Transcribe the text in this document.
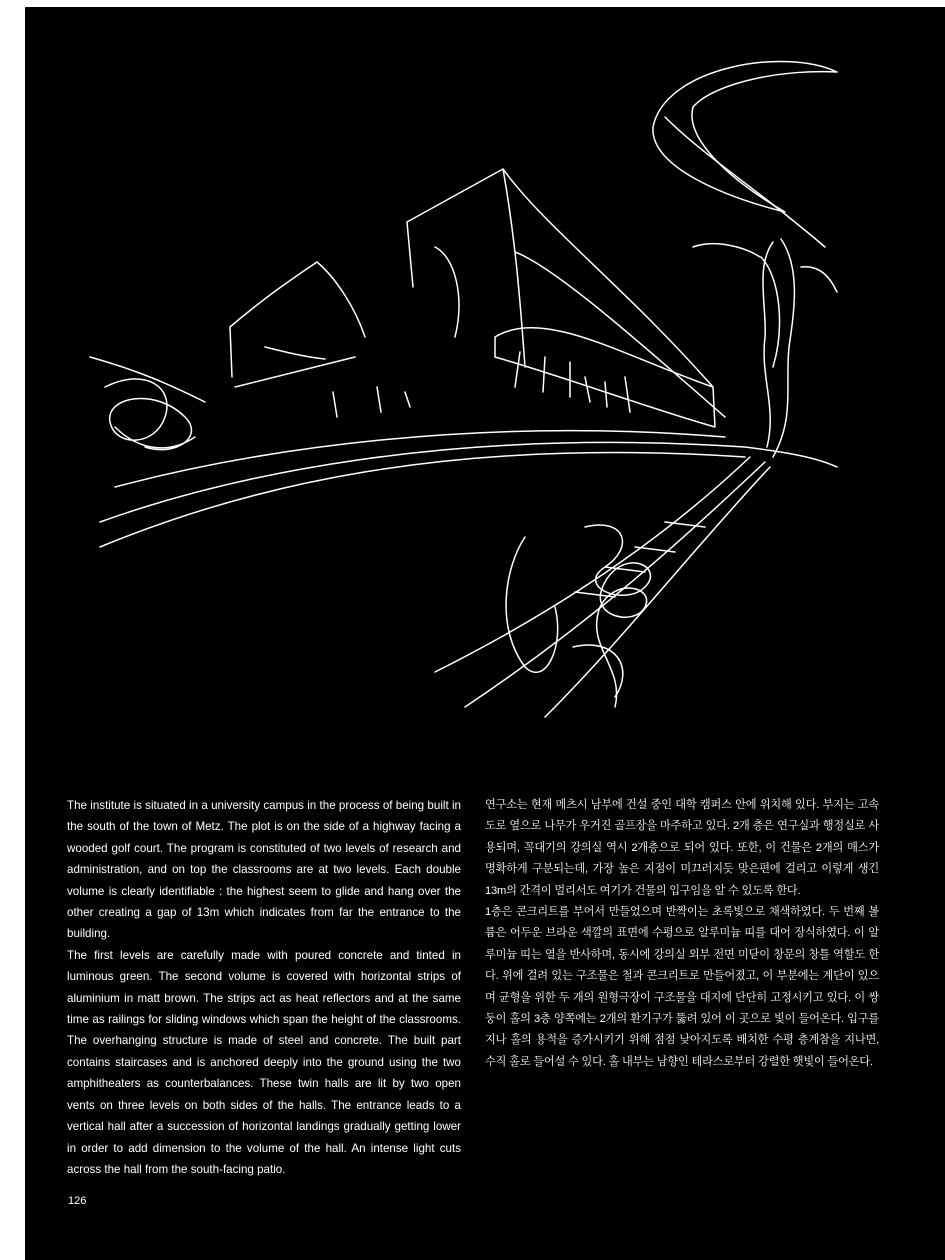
The institute is situated in a university campus in the process of being built in the south of the town of Metz. The plot is on the side of a highway facing a wooded golf court. The program is constituted of two levels of research and administration, and on top the classrooms are at two levels. Each double volume is clearly identifiable : the highest seem to glide and hang over the other creating a gap of 13m which indicates from far the entrance to the building.

The first levels are carefully made with poured concrete and tinted in luminous green. The second volume is covered with horizontal strips of aluminium in matt brown. The strips act as heat reflectors and at the same time as railings for sliding windows which span the height of the classrooms. The overhanging structure is made of steel and concrete. The built part contains staircases and is anchored deeply into the ground using the two amphitheaters as counterbalances. These twin halls are lit by two open vents on three levels on both sides of the halls. The entrance leads to a vertical hall after a succession of horizontal landings gradually getting lower in order to add dimension to the volume of the hall. An intense light cuts across the hall from the south-facing patio.

연구소는 현재 메츠시 남부에 건설 중인 대학 캠퍼스 안에 위치해 있다. 부지는 고속도로 옆으로 나무가 우거진 골프장을 마주하고 있다. 2개 층은 연구실과 행정실로 사용되며, 꼭대기의 강의실 역시 2개층으로 되어 있다. 또한, 이 건물은 2개의 매스가 명확하게 구분되는데, 가장 높은 지점이 미끄러지듯 맞은편에 걸리고 이렇게 생긴 13m의 간격이 멀리서도 여기가 건물의 입구임을 알 수 있도록 한다.

1층은 콘크리트를 부어서 만들었으며 반짝이는 초록빛으로 채색하였다. 두 번째 볼륨은 어두운 브라운 색깔의 표면에 수평으로 알루미늄 띠를 대어 장식하였다. 이 알루미늄 띠는 열을 반사하며, 동시에 강의실 외부 전면 미닫이 창문의 창틀 역할도 한다. 위에 걸려 있는 구조물은 철과 콘크리트로 만들어졌고, 이 부분에는 계단이 있으며 균형을 위한 두 개의 원형극장이 구조물을 대지에 단단히 고정시키고 있다. 이 쌍둥이 홀의 3층 양쪽에는 2개의 환기구가 뚫려 있어 이 곳으로 빛이 들어온다. 입구를 지나 홀의 용적을 증가시키기 위해 점점 낮아지도록 배치한 수평 층계참을 지나면, 수직 홀로 들어설 수 있다. 홀 내부는 남향인 테라스로부터 강렬한 햇빛이 들어온다.

126
